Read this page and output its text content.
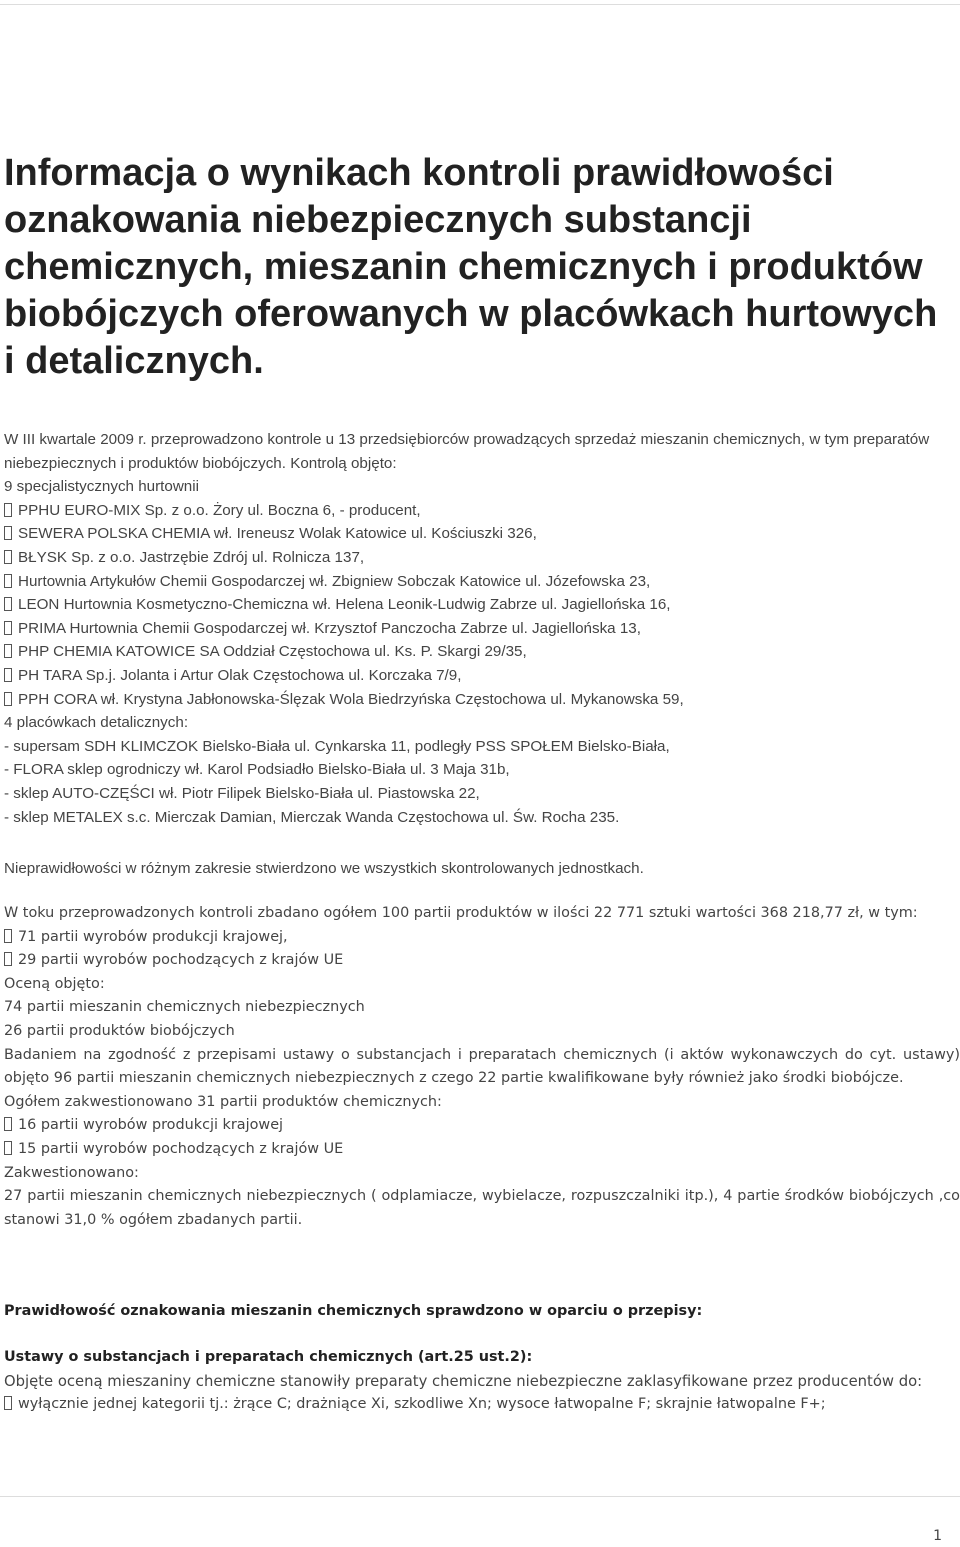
Informacja o wynikach kontroli prawidłowości oznakowania niebezpiecznych substancji chemicznych, mieszanin chemicznych i produktów biobójczych oferowanych w placówkach hurtowych i detalicznych.
W III kwartale 2009 r. przeprowadzono kontrole u 13 przedsiębiorców prowadzących sprzedaż mieszanin chemicznych, w tym preparatów niebezpiecznych i produktów biobójczych. Kontrolą objęto:
9 specjalistycznych hurtownii
PPHU EURO-MIX Sp. z o.o. Żory ul. Boczna 6, - producent,
SEWERA POLSKA CHEMIA wł. Ireneusz Wolak Katowice ul. Kościuszki 326,
BŁYSK Sp. z o.o. Jastrzębie Zdrój ul. Rolnicza 137,
Hurtownia Artykułów Chemii Gospodarczej wł. Zbigniew Sobczak Katowice ul. Józefowska 23,
LEON Hurtownia Kosmetyczno-Chemiczna wł. Helena Leonik-Ludwig Zabrze ul. Jagiellońska 16,
PRIMA Hurtownia Chemii Gospodarczej wł. Krzysztof Panczocha Zabrze ul. Jagiellońska 13,
PHP CHEMIA KATOWICE SA Oddział Częstochowa ul. Ks. P. Skargi 29/35,
PH TARA Sp.j. Jolanta i Artur Olak Częstochowa ul. Korczaka 7/9,
PPH CORA wł. Krystyna Jabłonowska-Ślęzak Wola Biedrzyńska Częstochowa ul. Mykanowska 59,
4 placówkach detalicznych:
- supersam SDH KLIMCZOK Bielsko-Biała ul. Cynkarska 11, podległy PSS SPOŁEM Bielsko-Biała,
- FLORA sklep ogrodniczy wł. Karol Podsiadło Bielsko-Biała ul. 3 Maja 31b,
- sklep AUTO-CZĘŚCI wł. Piotr Filipek Bielsko-Biała ul. Piastowska 22,
- sklep METALEX s.c. Mierczak Damian, Mierczak Wanda Częstochowa ul. Św. Rocha 235.

Nieprawidłowości w różnym zakresie stwierdzono we wszystkich skontrolowanych jednostkach.

W toku przeprowadzonych kontroli zbadano ogółem 100 partii produktów w ilości 22 771 sztuki wartości 368 218,77 zł, w tym:
71 partii wyrobów produkcji krajowej,
29 partii wyrobów pochodzących z krajów UE
Oceną objęto:
74 partii mieszanin chemicznych niebezpiecznych
26 partii produktów biobójczych
Badaniem na zgodność z przepisami ustawy o substancjach i preparatach chemicznych (i aktów wykonawczych do cyt. ustawy) objęto 96 partii mieszanin chemicznych niebezpiecznych z czego 22 partie kwalifikowane były również jako środki biobójcze.
Ogółem zakwestionowano 31 partii produktów chemicznych:
16 partii wyrobów produkcji krajowej
15 partii wyrobów pochodzących z krajów UE
Zakwestionowano:
27 partii mieszanin chemicznych niebezpiecznych ( odplamiacze, wybielacze, rozpuszczalniki itp.), 4 partie środków biobójczych ,co stanowi 31,0 % ogółem zbadanych partii.

Prawidłowość oznakowania mieszanin chemicznych sprawdzono w oparciu o przepisy:

Ustawy o substancjach i preparatach chemicznych (art.25 ust.2):
Objęte oceną mieszaniny chemiczne stanowiły preparaty chemiczne niebezpieczne zaklasyfikowane przez producentów do:
wyłącznie jednej kategorii tj.: żrące C; drażniące Xi, szkodliwe Xn; wysoce łatwopalne F; skrajnie łatwopalne F+;
1
